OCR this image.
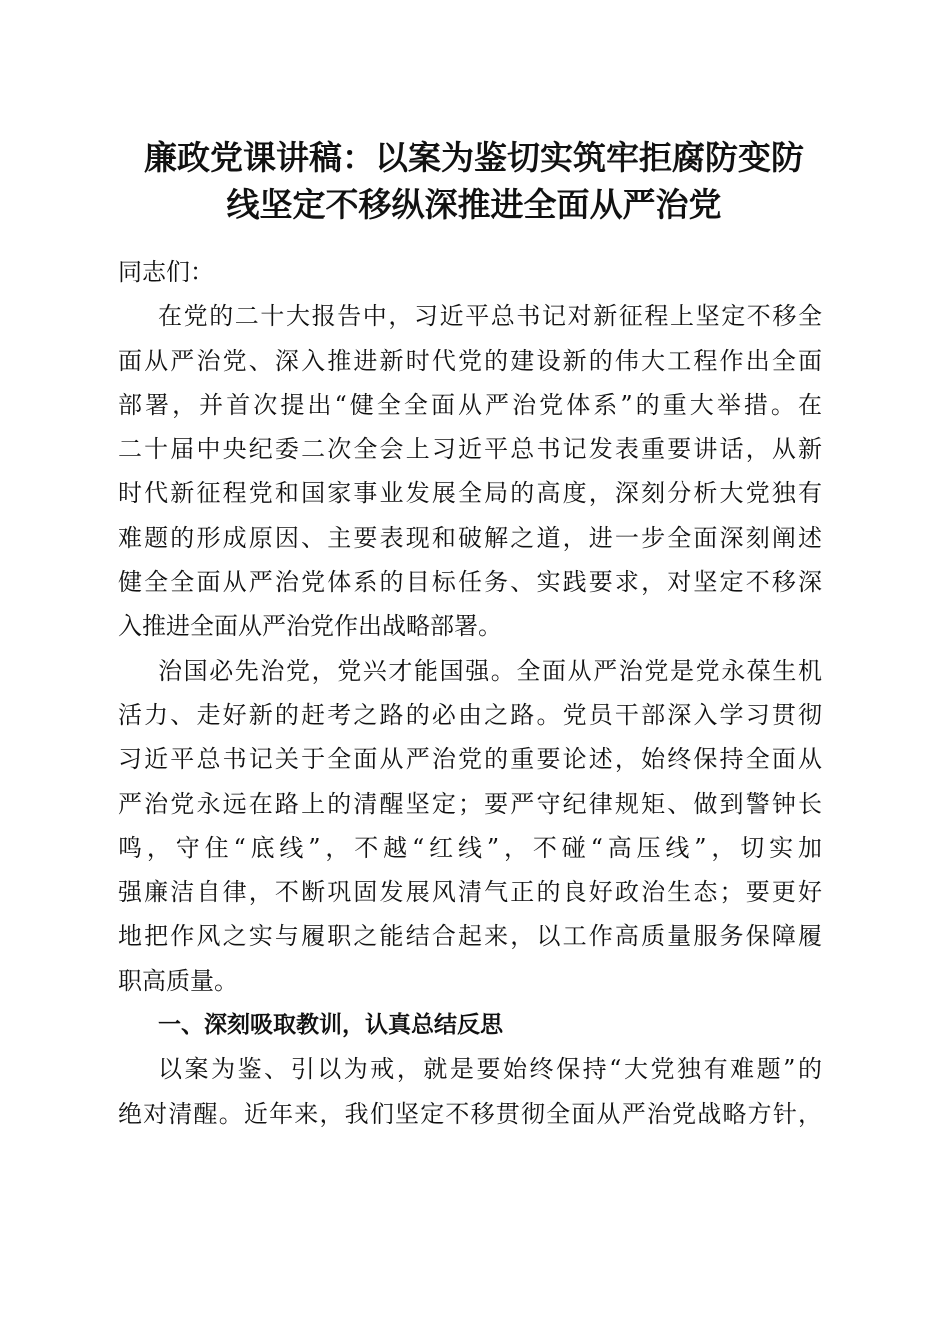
廉政党课讲稿：以案为鉴切实筑牢拒腐防变防
线坚定不移纵深推进全面从严治党
同志们：
在党的二十大报告中，习近平总书记对新征程上坚定不移全
面从严治党、深入推进新时代党的建设新的伟大工程作出全面
部署，并首次提出“健全全面从严治党体系”的重大举措。在
二十届中央纪委二次全会上习近平总书记发表重要讲话，从新
时代新征程党和国家事业发展全局的高度，深刻分析大党独有
难题的形成原因、主要表现和破解之道，进一步全面深刻阐述
健全全面从严治党体系的目标任务、实践要求，对坚定不移深
入推进全面从严治党作出战略部署。
治国必先治党，党兴才能国强。全面从严治党是党永葆生机
活力、走好新的赶考之路的必由之路。党员干部深入学习贯彻
习近平总书记关于全面从严治党的重要论述，始终保持全面从
严治党永远在路上的清醒坚定；要严守纪律规矩、做到警钟长
鸣，守住“底线”，不越“红线”，不碰“高压线”，切实加
强廉洁自律，不断巩固发展风清气正的良好政治生态；要更好
地把作风之实与履职之能结合起来，以工作高质量服务保障履
职高质量。
一、深刻吸取教训，认真总结反思
以案为鉴、引以为戒，就是要始终保持“大党独有难题”的
绝对清醒。近年来，我们坚定不移贯彻全面从严治党战略方针，
